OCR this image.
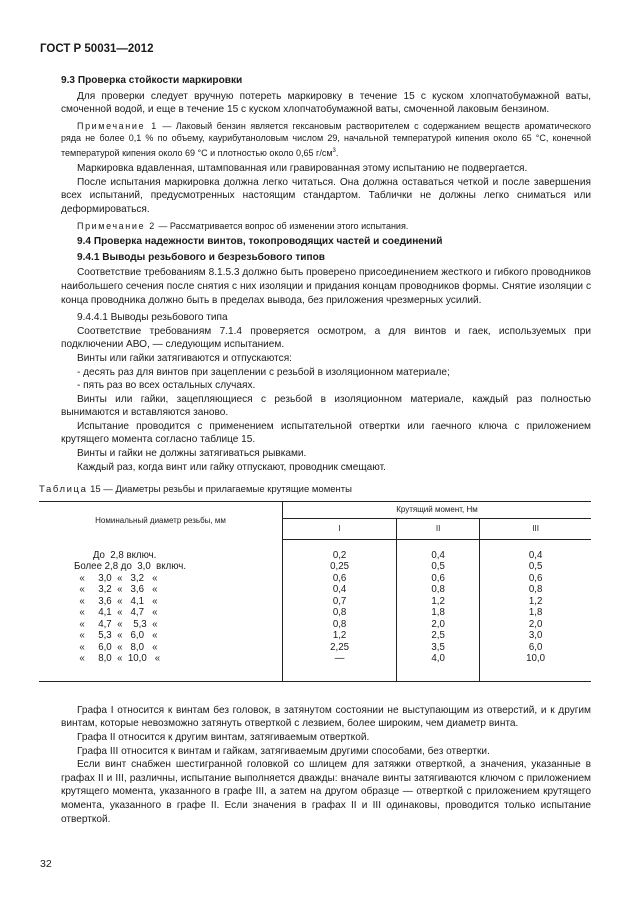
ГОСТ Р 50031—2012

9.3 Проверка стойкости маркировки

Для проверки следует вручную потереть маркировку в течение 15 с куском хлопчатобумажной ваты, смоченной водой, и еще в течение 15 с куском хлопчатобумажной ваты, смоченной лаковым бензином.

Примечание 1 — Лаковый бензин является гексановым растворителем с содержанием веществ ароматического ряда не более 0,1 % по объему, каурибутаноловым числом 29, начальной температурой кипения около 65 °С, конечной температурой кипения около 69 °С и плотностью около 0,65 $г/см^3$.

Маркировка вдавленная, штампованная или гравированная этому испытанию не подвергается.

После испытания маркировка должна легко читаться. Она должна оставаться четкой и после завершения всех испытаний, предусмотренных настоящим стандартом. Таблички не должны легко сниматься или деформироваться.

Примечание 2 — Рассматривается вопрос об изменении этого испытания.

9.4 Проверка надежности винтов, токопроводящих частей и соединений

9.4.1 Выводы резьбового и безрезьбового типов

Соответствие требованиям 8.1.5.3 должно быть проверено присоединением жесткого и гибкого проводников наибольшего сечения после снятия с них изоляции и придания концам проводников формы. Снятие изоляции с конца проводника должно быть в пределах вывода, без приложения чрезмерных усилий.

9.4.4.1 Выводы резьбового типа

Соответствие требованиям 7.1.4 проверяется осмотром, а для винтов и гаек, используемых при подключении АВО, — следующим испытанием.

Винты или гайки затягиваются и отпускаются:

- десять раз для винтов при зацеплении с резьбой в изоляционном материале;

- пять раз во всех остальных случаях.

Винты или гайки, зацепляющиеся с резьбой в изоляционном материале, каждый раз полностью вынимаются и вставляются заново.

Испытание проводится с применением испытательной отвертки или гаечного ключа с приложением крутящего момента согласно таблице 15.

Винты и гайки не должны затягиваться рывками.

Каждый раз, когда винт или гайку отпускают, проводник смещают.

Таблица 15 — Диаметры резьбы и прилагаемые крутящие моменты

Номинальный диаметр резьбы, мм	Крутящий момент, Нм		
	I	II	III
До  2,8 включ.	0,2	0,4	0,4
Более 2,8 до  3,0  включ.	0,25	0,5	0,5
«     3,0  «   3,2   «	0,6	0,6	0,6
«     3,2  «   3,6   «	0,4	0,8	0,8
«     3,6  «   4,1   «	0,7	1,2	1,2
«     4,1  «   4,7   «	0,8	1,8	1,8
«     4,7  «    5,3  «	0,8	2,0	2,0
«     5,3  «   6,0   «	1,2	2,5	3,0
«     6,0  «   8,0   «	2,25	3,5	6,0
«     8,0  «  10,0   «	—	4,0	10,0

Графа I относится к винтам без головок, в затянутом состоянии не выступающим из отверстий, и к другим винтам, которые невозможно затянуть отверткой с лезвием, более широким, чем диаметр винта.

Графа II относится к другим винтам, затягиваемым отверткой.

Графа III относится к винтам и гайкам, затягиваемым другими способами, без отвертки.

Если винт снабжен шестигранной головкой со шлицем для затяжки отверткой, а значения, указанные в графах II и III, различны, испытание выполняется дважды: вначале винты затягиваются ключом с приложением крутящего момента, указанного в графе III, а затем на другом образце — отверткой с приложением крутящего момента, указанного в графе II. Если значения в графах II и III одинаковы, проводится только испытание отверткой.

32
